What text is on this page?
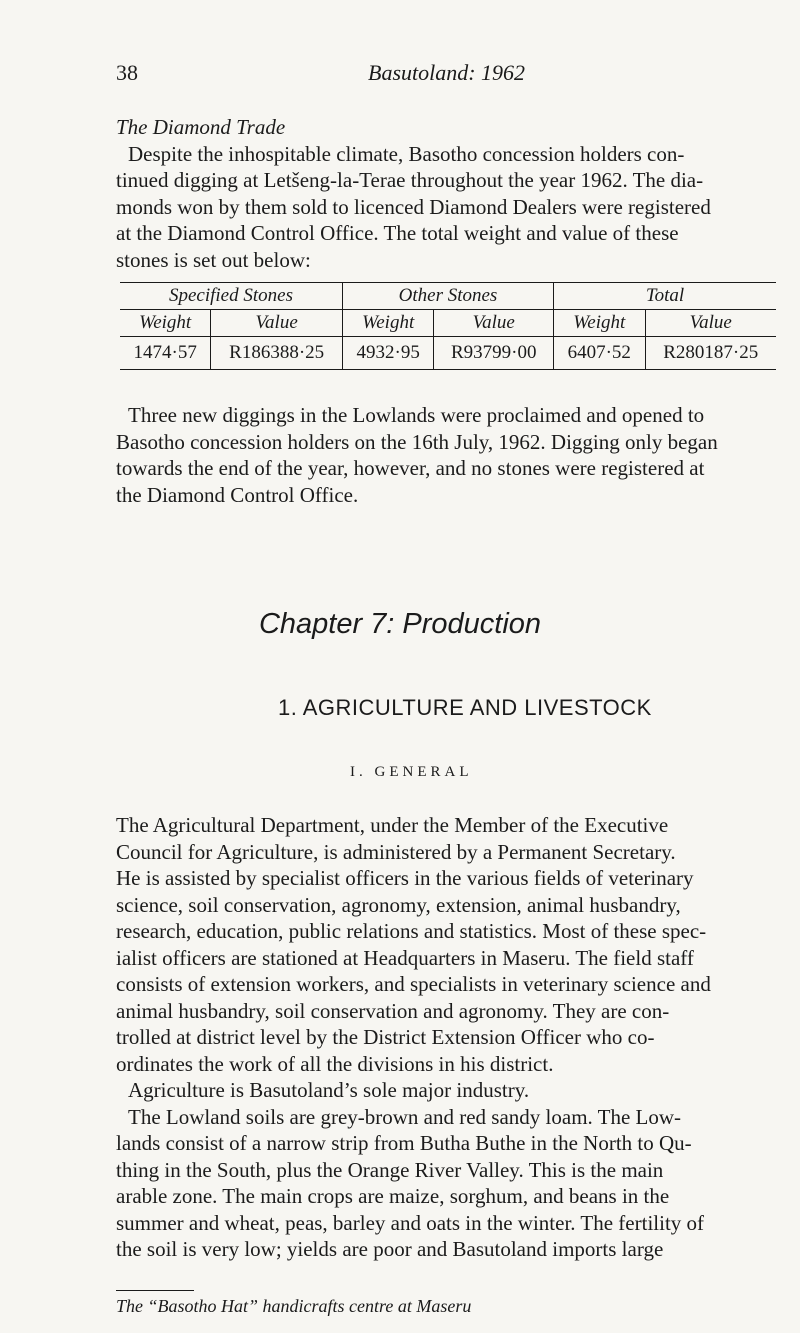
38	Basutoland: 1962

The Diamond Trade

Despite the inhospitable climate, Basotho concession holders con-
tinued digging at Letšeng-la-Terae throughout the year 1962. The dia-
monds won by them sold to licenced Diamond Dealers were registered
at the Diamond Control Office. The total weight and value of these
stones is set out below:

Specified Stones		Other Stones		Total	
Weight	Value	Weight	Value	Weight	Value
1474·57	R186388·25	4932·95	R93799·00	6407·52	R280187·25
Three new diggings in the Lowlands were proclaimed and opened to
Basotho concession holders on the 16th July, 1962. Digging only began
towards the end of the year, however, and no stones were registered at
the Diamond Control Office.
Chapter 7: Production
1. AGRICULTURE AND LIVESTOCK
I. GENERAL
The Agricultural Department, under the Member of the Executive
Council for Agriculture, is administered by a Permanent Secretary.
He is assisted by specialist officers in the various fields of veterinary
science, soil conservation, agronomy, extension, animal husbandry,
research, education, public relations and statistics. Most of these spec-
ialist officers are stationed at Headquarters in Maseru. The field staff
consists of extension workers, and specialists in veterinary science and
animal husbandry, soil conservation and agronomy. They are con-
trolled at district level by the District Extension Officer who co-
ordinates the work of all the divisions in his district.
Agriculture is Basutoland’s sole major industry.
The Lowland soils are grey-brown and red sandy loam. The Low-
lands consist of a narrow strip from Butha Buthe in the North to Qu-
thing in the South, plus the Orange River Valley. This is the main
arable zone. The main crops are maize, sorghum, and beans in the
summer and wheat, peas, barley and oats in the winter. The fertility of
the soil is very low; yields are poor and Basutoland imports large
The “Basotho Hat” handicrafts centre at Maseru
